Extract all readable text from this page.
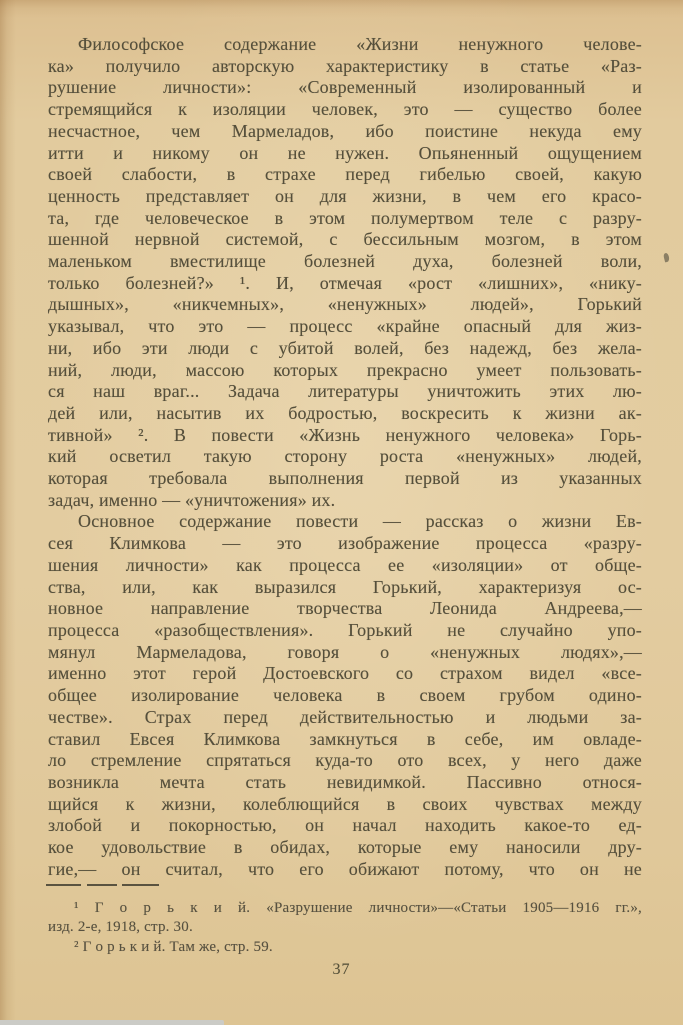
Философское содержание «Жизни ненужного челове-
ка» получило авторскую характеристику в статье «Раз-
рушение личности»: «Современный изолированный и
стремящийся к изоляции человек, это — существо более
несчастное, чем Мармеладов, ибо поистине некуда ему
итти и никому он не нужен. Опьяненный ощущением
своей слабости, в страхе перед гибелью своей, какую
ценность представляет он для жизни, в чем его красо-
та, где человеческое в этом полумертвом теле с разру-
шенной нервной системой, с бессильным мозгом, в этом
маленьком вместилище болезней духа, болезней воли,
только болезней?» ¹. И, отмечая «рост «лишних», «нику-
дышных», «никчемных», «ненужных» людей», Горький
указывал, что это — процесс «крайне опасный для жиз-
ни, ибо эти люди с убитой волей, без надежд, без жела-
ний, люди, массою которых прекрасно умеет пользовать-
ся наш враг... Задача литературы уничтожить этих лю-
дей или, насытив их бодростью, воскресить к жизни ак-
тивной» ². В повести «Жизнь ненужного человека» Горь-
кий осветил такую сторону роста «ненужных» людей,
которая требовала выполнения первой из указанных
задач, именно — «уничтожения» их.
Основное содержание повести — рассказ о жизни Ев-
сея Климкова — это изображение процесса «разру-
шения личности» как процесса ее «изоляции» от обще-
ства, или, как выразился Горький, характеризуя ос-
новное направление творчества Леонида Андреева,—
процесса «разобществления». Горький не случайно упо-
мянул Мармеладова, говоря о «ненужных людях»,—
именно этот герой Достоевского со страхом видел «все-
общее изолирование человека в своем грубом одино-
честве». Страх перед действительностью и людьми за-
ставил Евсея Климкова замкнуться в себе, им овладе-
ло стремление спрятаться куда-то ото всех, у него даже
возникла мечта стать невидимкой. Пассивно относя-
щийся к жизни, колеблющийся в своих чувствах между
злобой и покорностью, он начал находить какое-то ед-
кое удовольствие в обидах, которые ему наносили дру-
гие,— он считал, что его обижают потому, что он не
¹ Г о р ь к и й. «Разрушение личности»—«Статьи 1905—1916 гг.»,
изд. 2-е, 1918, стр. 30.
² Г о р ь к и й. Там же, стр. 59.
37
